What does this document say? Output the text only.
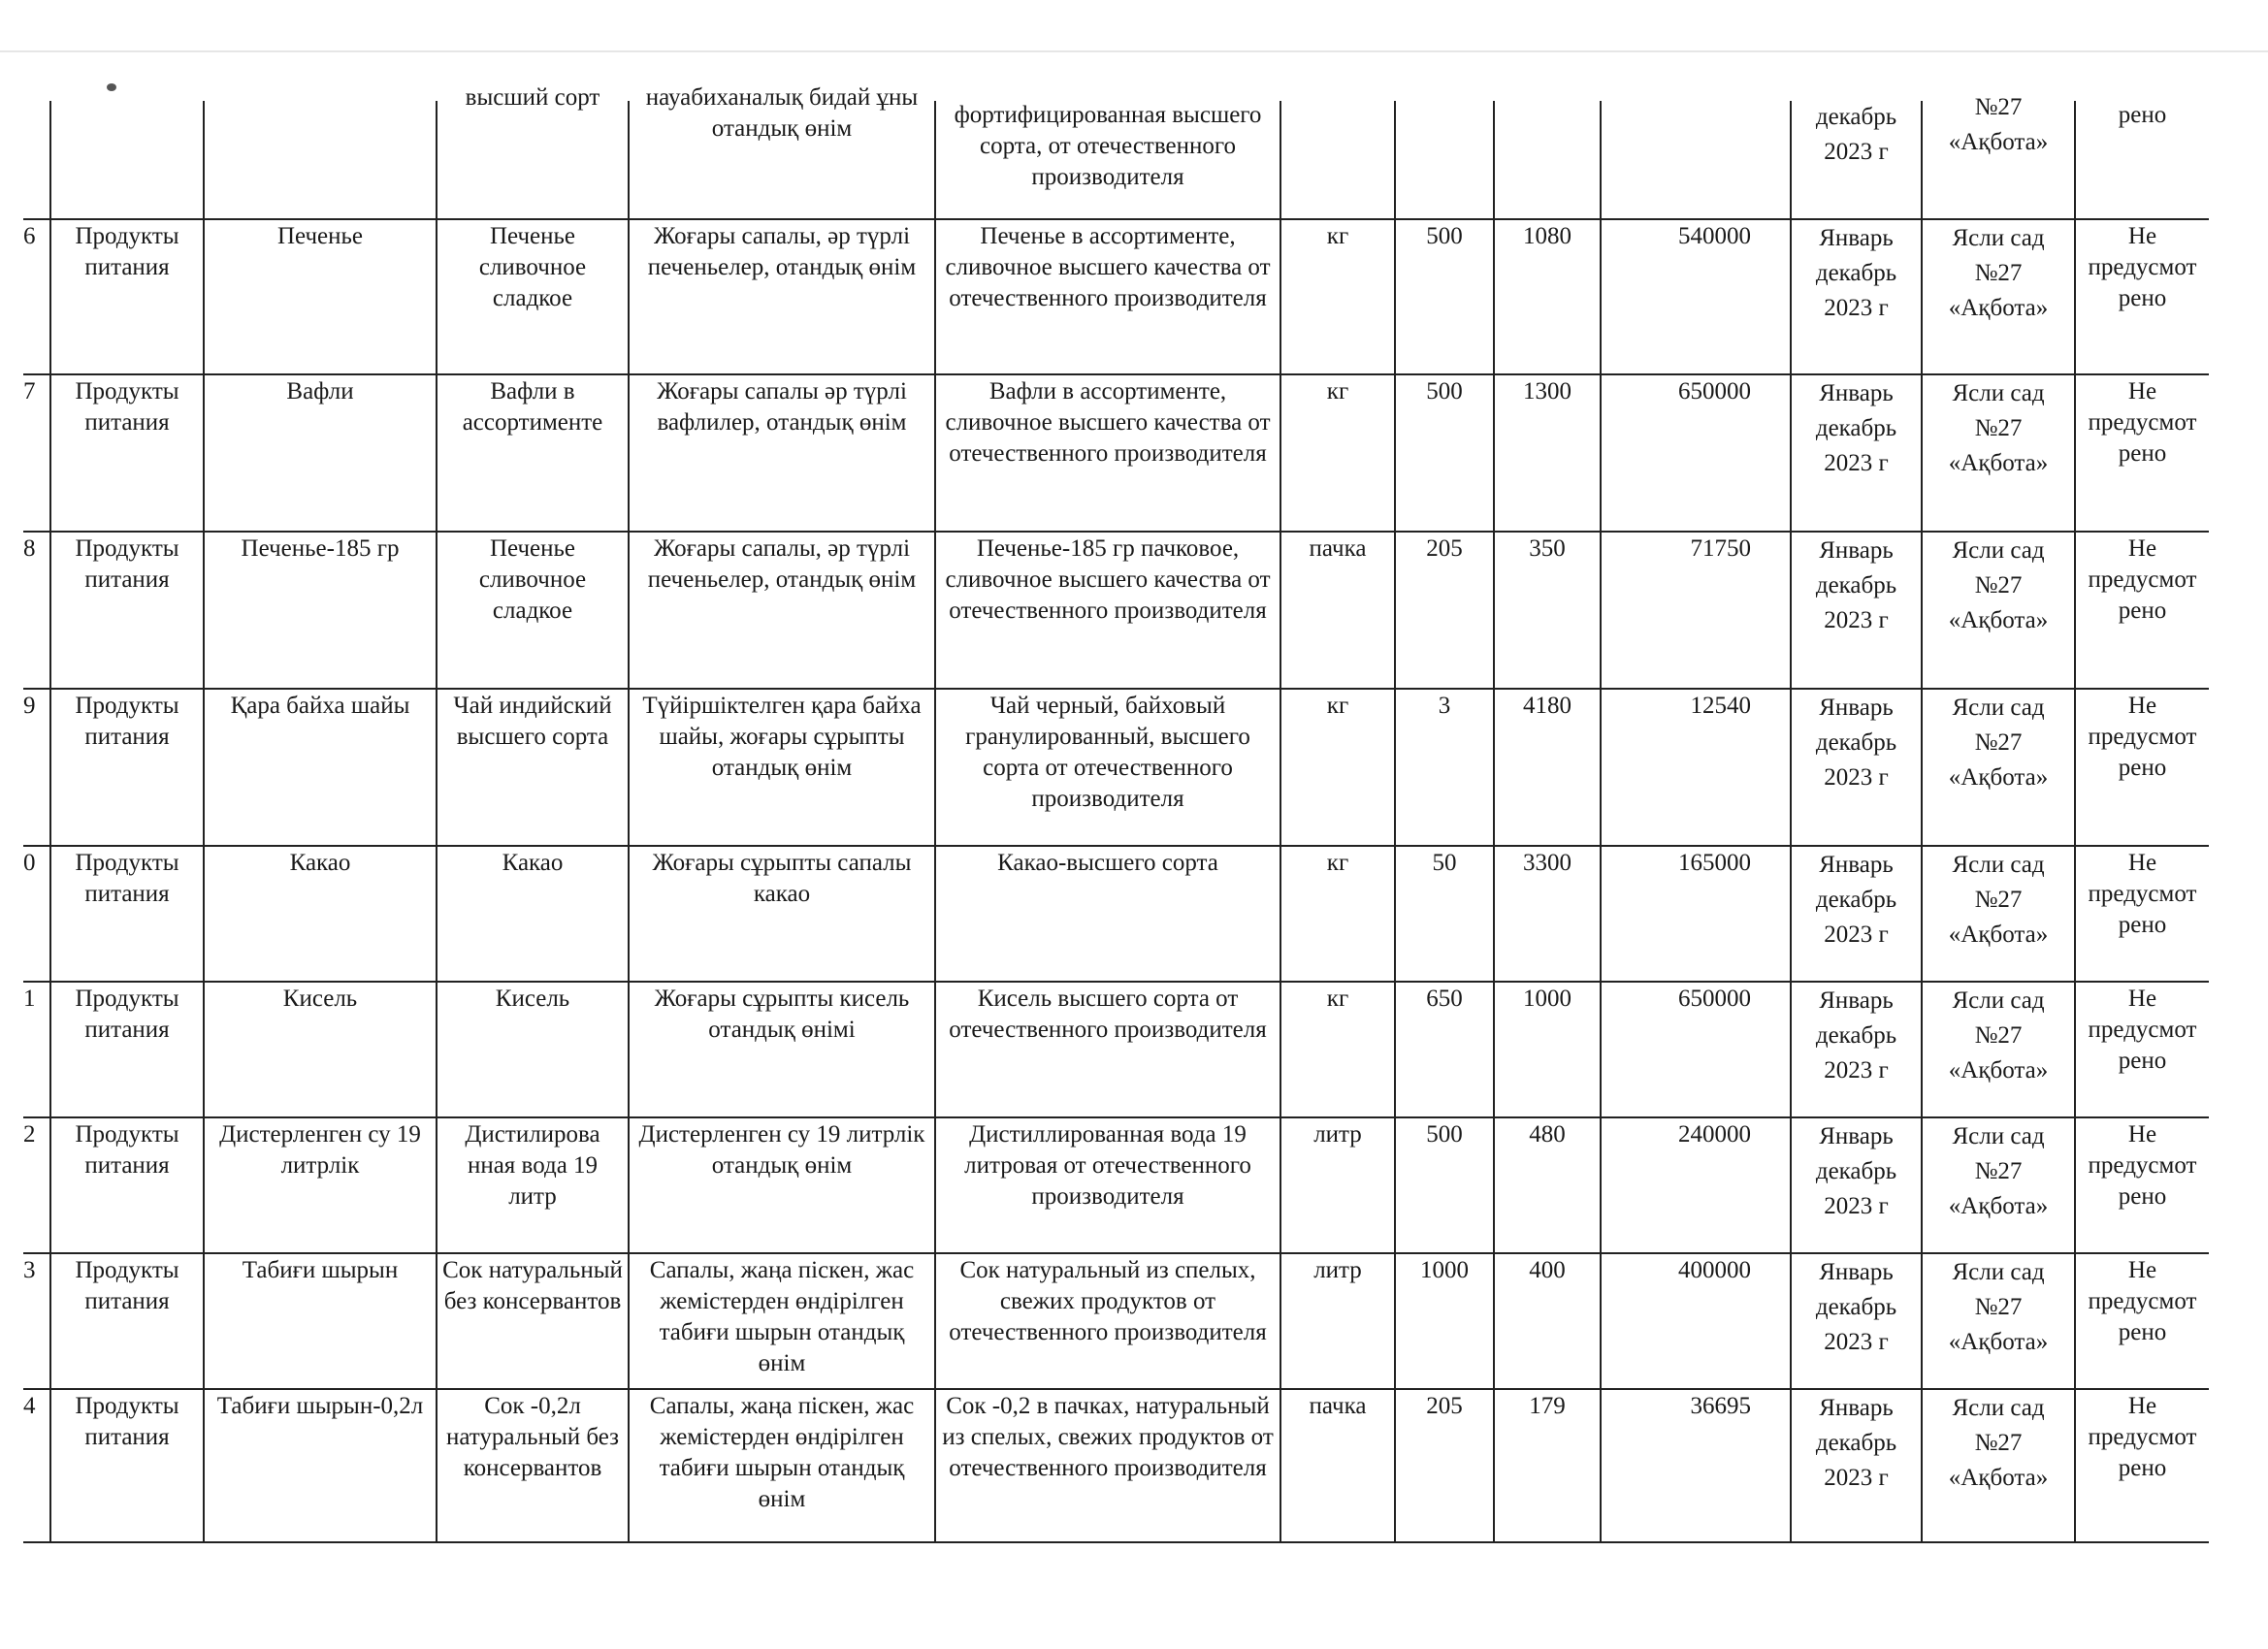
			высший сорт	науабиханалық бидай ұны отандық өнім	фортифицированная высшего сорта, от отечественного производителя					декабрь 2023 г	№27 «Ақбота»	рено

6	Продукты питания	Печенье	Печенье сливочное сладкое	Жоғары сапалы, әр түрлі печеньелер, отандық өнім	Печенье в ассортименте, сливочное высшего качества от отечественного производителя	кг	500	1080	540000	Январь декабрь 2023 г	Ясли сад №27 «Ақбота»	Не предусмот рено
7	Продукты питания	Вафли	Вафли в ассортименте	Жоғары сапалы әр түрлі вафлилер, отандық өнім	Вафли в ассортименте, сливочное высшего качества от отечественного производителя	кг	500	1300	650000	Январь декабрь 2023 г	Ясли сад №27 «Ақбота»	Не предусмот рено
8	Продукты питания	Печенье-185 гр	Печенье сливочное сладкое	Жоғары сапалы, әр түрлі печеньелер, отандық өнім	Печенье-185 гр пачковое, сливочное высшего качества от отечественного производителя	пачка	205	350	71750	Январь декабрь 2023 г	Ясли сад №27 «Ақбота»	Не предусмот рено
9	Продукты питания	Қара байха шайы	Чай индийский высшего сорта	Түйіршіктелген қара байха шайы, жоғары сұрыпты отандық өнім	Чай черный, байховый гранулированный, высшего сорта от отечественного производителя	кг	3	4180	12540	Январь декабрь 2023 г	Ясли сад №27 «Ақбота»	Не предусмот рено
0	Продукты питания	Какао	Какао	Жоғары сұрыпты сапалы какао	Какао-высшего сорта	кг	50	3300	165000	Январь декабрь 2023 г	Ясли сад №27 «Ақбота»	Не предусмот рено
1	Продукты питания	Кисель	Кисель	Жоғары сұрыпты кисель отандық өнімі	Кисель высшего сорта от отечественного производителя	кг	650	1000	650000	Январь декабрь 2023 г	Ясли сад №27 «Ақбота»	Не предусмот рено
2	Продукты питания	Дистерленген су 19 литрлік	Дистилирова нная вода 19 литр	Дистерленген су 19 литрлік отандық өнім	Дистиллированная вода 19 литровая от отечественного производителя	литр	500	480	240000	Январь декабрь 2023 г	Ясли сад №27 «Ақбота»	Не предусмот рено
3	Продукты питания	Табиғи шырын	Сок натуральный без консервантов	Сапалы, жаңа піскен, жас жемістерден өндірілген табиғи шырын отандық өнім	Сок натуральный из спелых, свежих продуктов от отечественного производителя	литр	1000	400	400000	Январь декабрь 2023 г	Ясли сад №27 «Ақбота»	Не предусмот рено
4	Продукты питания	Табиғи шырын-0,2л	Сок -0,2л натуральный без консервантов	Сапалы, жаңа піскен, жас жемістерден өндірілген табиғи шырын отандық өнім	Сок -0,2 в пачках, натуральный из спелых, свежих продуктов от отечественного производителя	пачка	205	179	36695	Январь декабрь 2023 г	Ясли сад №27 «Ақбота»	Не предусмот рено
